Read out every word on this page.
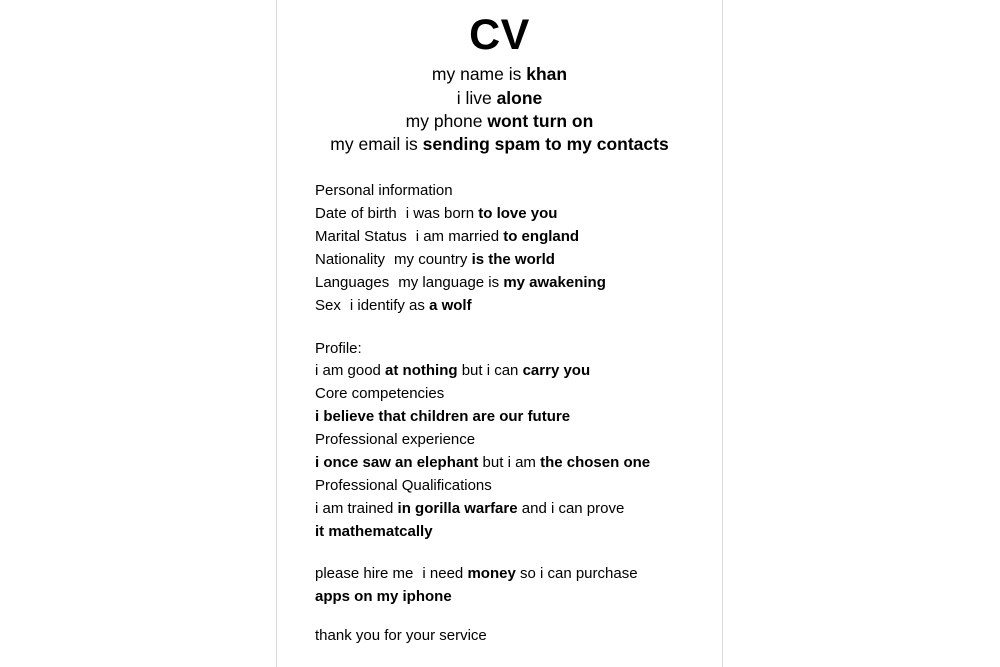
CV
my name is khan
i live alone
my phone wont turn on
my email is sending spam to my contacts
Personal information
Date of birth i was born to love you
Marital Status i am married to england
Nationality my country is the world
Languages my language is my awakening
Sex i identify as a wolf
Profile:
i am good at nothing but i can carry you
Core competencies
i believe that children are our future
Professional experience
i once saw an elephant but i am the chosen one
Professional Qualifications
i am trained in gorilla warfare and i can prove
it mathematcally
please hire me i need money so i can purchase
apps on my iphone
thank you for your service
